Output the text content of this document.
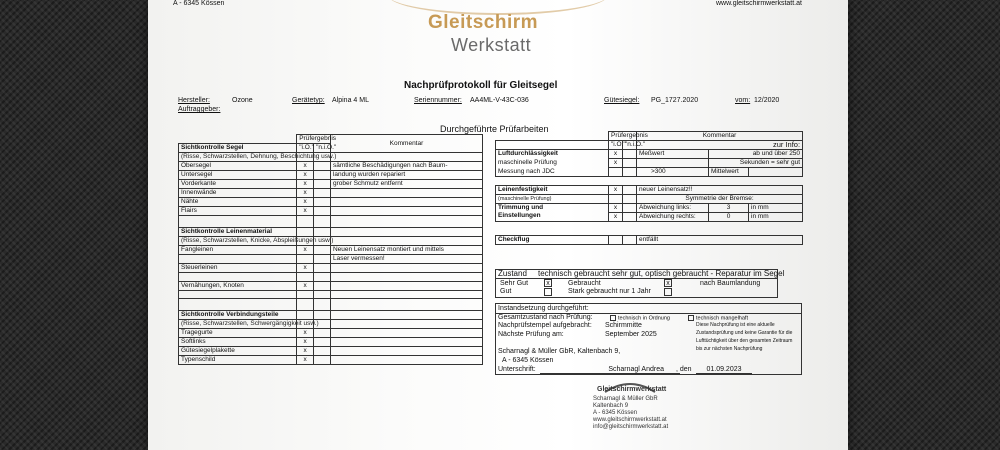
A - 6345 Kössen	www.gleitschirmwerkstatt.at
Gleitschirm
Werkstatt
Nachprüfprotokoll für Gleitsegel
Hersteller:	Ozone	Gerätetyp: Alpina 4 ML	Seriennummer: AA4ML-V-43C-036	Gütesiegel: PG_1727.2020	vom: 12/2020
Auftraggeber:
Durchgeführte Prüfarbeiten
	Prüfergebnis		Kommentar
Sichtkontrolle Segel	"i.O."	"n.i.O."	
(Risse, Schwarzstellen, Dehnung, Beschichtung usw.)			
Obersegel	x		sämtliche Beschädigungen nach Baum-
Untersegel	x		landung wurden repariert
Vorderkante	x		grober Schmutz entfernt
Innenwände	x		
Nähte	x		
Flairs	x		

Sichtkontrolle Leinenmaterial			
(Risse, Schwarzstellen, Knicke, Abspleißungen usw.)			
Fangleinen	x		Neuen Leinensatz montiert und mittels
			Laser vermessen!
Steuerleinen	x		

Vernähungen, Knoten	x		

Sichtkontrolle Verbindungsteile			
(Risse, Schwarzstellen, Schwergängigkeit usw.)			
Tragegurte	x		
Softlinks	x		
Gütesiegelplakette	x		
Typenschild	x		
	Prüfergebnis		Kommentar		
	"i.O."	"n.i.O."	zur Info:		
Luftdurchlässigkeit	x		Meßwert	ab und über 250	
maschinelle Prüfung	x			Sekunden = sehr gut	
Messung nach JDC			>300	Mittelwert	

Leinenfestigkeit	x		neuer Leinensatz!!		
(maschinelle Prüfung)			Symmetrie der Bremse:		
Trimmung und	x		Abweichung links:	3	in mm
Einstellungen	x		Abweichung rechts:	0	in mm

Checkflug			entfällt		
Zustand technisch gebraucht sehr gut, optisch gebraucht - Reparatur im Segel
Sehr Gut	x	Gebraucht	x	nach Baumlandung
Gut	Stark gebraucht nur 1 Jahr
Instandsetzung durchgeführt:
Gesamtzustand nach Prüfung:	technisch in Ordnung	technisch mangelhaft
Nachprüfstempel aufgebracht: Schirmmitte
Nächste Prüfung am:	September 2025
Diese Nachprüfung ist eine aktuelle Zustandsprüfung und keine Garantie für die Lufttüchtigkeit über den gesamten Zeitraum bis zur nächsten Nachprüfung
Scharnagl & Müller GbR, Kaltenbach 9,
A - 6345 Kössen
Unterschrift:	Scharnagl Andrea	, den	01.09.2023
Gleitschirmwerkstatt
Scharnagl & Müller GbR
Kaltenbach 9
A - 6345 Kössen
www.gleitschirmwerkstatt.at
info@gleitschirmwerkstatt.at
